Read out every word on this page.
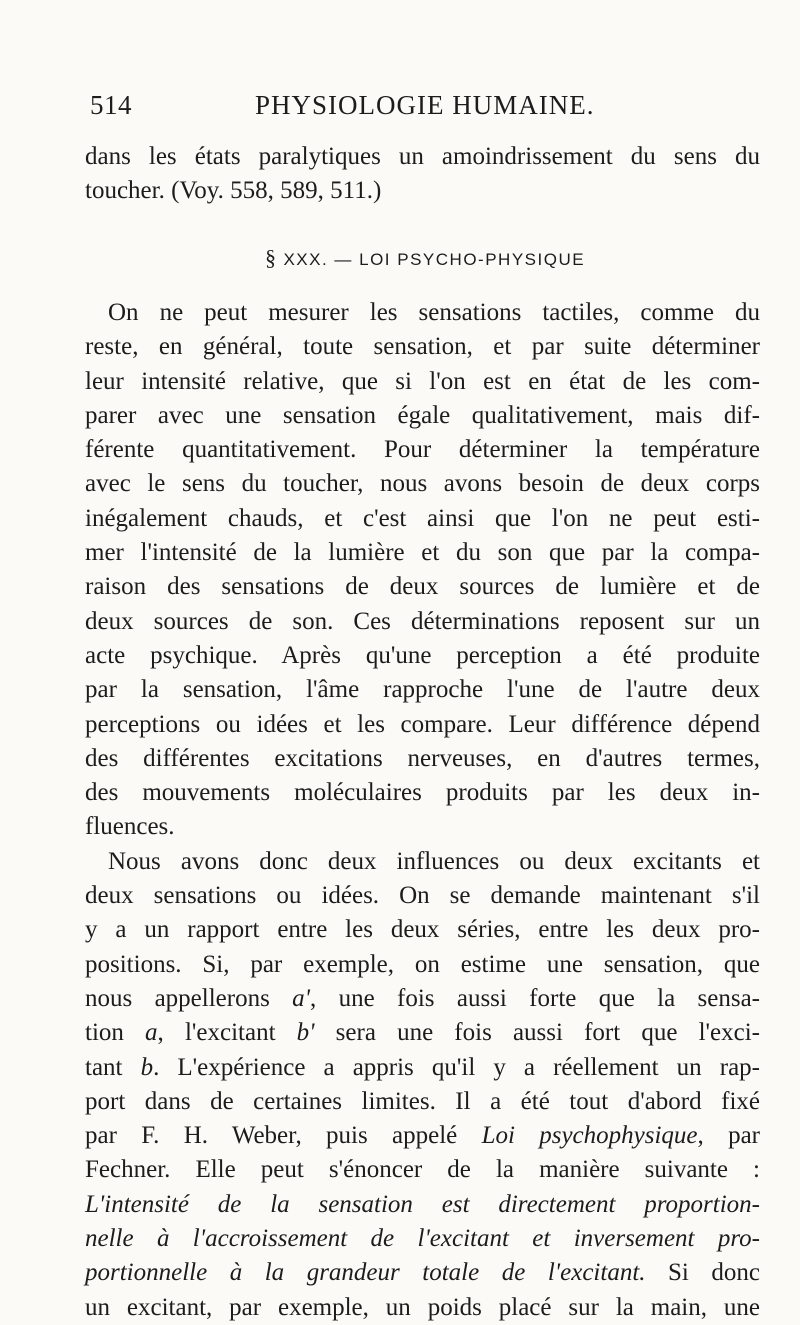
514	PHYSIOLOGIE HUMAINE.

dans les états paralytiques un amoindrissement du sens du
toucher. (Voy. 558, 589, 511.)

§ XXX. — LOI PSYCHO-PHYSIQUE

On ne peut mesurer les sensations tactiles, comme du
reste, en général, toute sensation, et par suite déterminer
leur intensité relative, que si l'on est en état de les com-
parer avec une sensation égale qualitativement, mais dif-
férente quantitativement. Pour déterminer la température
avec le sens du toucher, nous avons besoin de deux corps
inégalement chauds, et c'est ainsi que l'on ne peut esti-
mer l'intensité de la lumière et du son que par la compa-
raison des sensations de deux sources de lumière et de
deux sources de son. Ces déterminations reposent sur un
acte psychique. Après qu'une perception a été produite
par la sensation, l'âme rapproche l'une de l'autre deux
perceptions ou idées et les compare. Leur différence dépend
des différentes excitations nerveuses, en d'autres termes,
des mouvements moléculaires produits par les deux in-
fluences.

Nous avons donc deux influences ou deux excitants et
deux sensations ou idées. On se demande maintenant s'il
y a un rapport entre les deux séries, entre les deux pro-
positions. Si, par exemple, on estime une sensation, que
nous appellerons a', une fois aussi forte que la sensa-
tion a, l'excitant b' sera une fois aussi fort que l'exci-
tant b. L'expérience a appris qu'il y a réellement un rap-
port dans de certaines limites. Il a été tout d'abord fixé
par F. H. Weber, puis appelé Loi psychophysique, par
Fechner. Elle peut s'énoncer de la manière suivante :
L'intensité de la sensation est directement proportion-
nelle à l'accroissement de l'excitant et inversement pro-
portionnelle à la grandeur totale de l'excitant. Si donc
un excitant, par exemple, un poids placé sur la main, une
